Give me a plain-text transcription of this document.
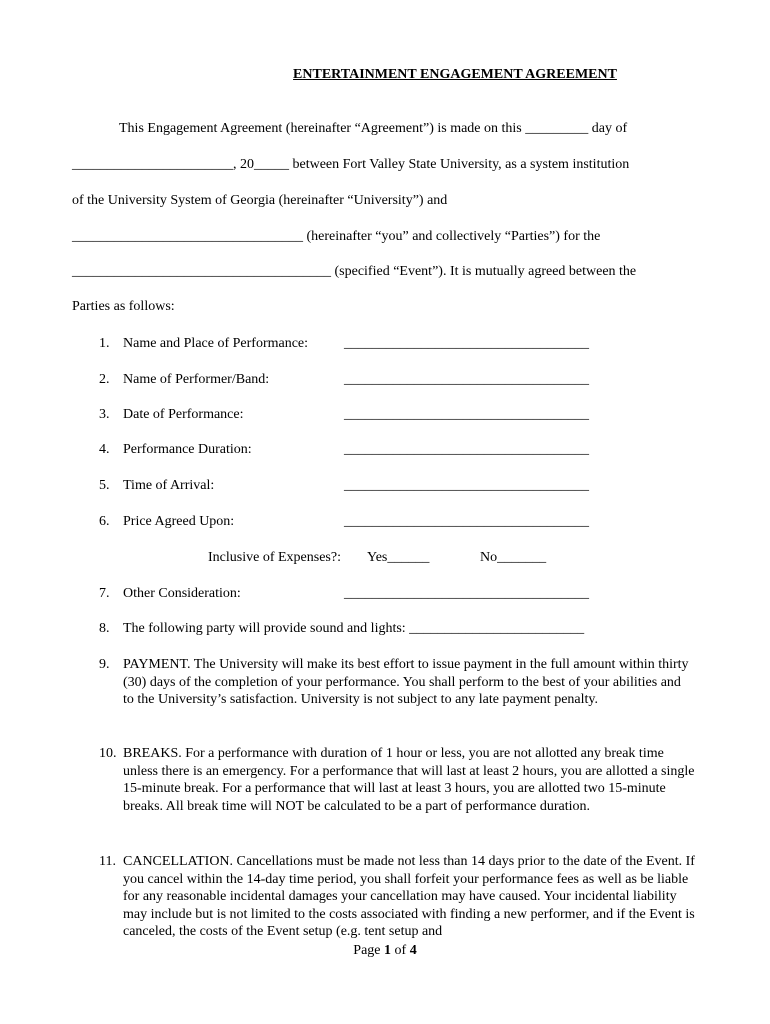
ENTERTAINMENT ENGAGEMENT AGREEMENT
This Engagement Agreement (hereinafter “Agreement”) is made on this _________ day of
_______________________, 20_____ between Fort Valley State University, as a system institution
of the University System of Georgia (hereinafter “University”) and
_________________________________ (hereinafter “you” and collectively “Parties”) for the
_____________________________________ (specified “Event”). It is mutually agreed between the
Parties as follows:
1. Name and Place of Performance:	___________________________________
2. Name of Performer/Band:	___________________________________
3. Date of Performance:	___________________________________
4. Performance Duration:	___________________________________
5. Time of Arrival:	___________________________________
6. Price Agreed Upon:	___________________________________
Inclusive of Expenses?: Yes______	No_______
7. Other Consideration:	___________________________________
8. The following party will provide sound and lights: _________________________
9. PAYMENT. The University will make its best effort to issue payment in the full amount within thirty (30) days of the completion of your performance. You shall perform to the best of your abilities and to the University’s satisfaction. University is not subject to any late payment penalty.
10. BREAKS. For a performance with duration of 1 hour or less, you are not allotted any break time unless there is an emergency. For a performance that will last at least 2 hours, you are allotted a single 15-minute break. For a performance that will last at least 3 hours, you are allotted two 15-minute breaks. All break time will NOT be calculated to be a part of performance duration.
11. CANCELLATION. Cancellations must be made not less than 14 days prior to the date of the Event. If you cancel within the 14-day time period, you shall forfeit your performance fees as well as be liable for any reasonable incidental damages your cancellation may have caused. Your incidental liability may include but is not limited to the costs associated with finding a new performer, and if the Event is canceled, the costs of the Event setup (e.g. tent setup and
Page 1 of 4
